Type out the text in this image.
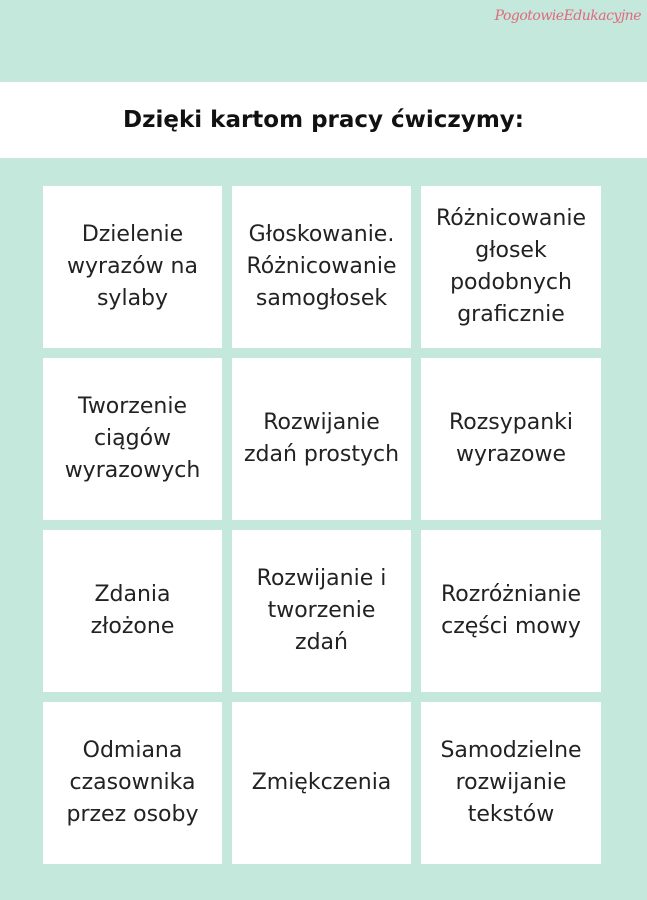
PogotowieEdukacyjne
Dzięki kartom pracy ćwiczymy:
Dzielenie wyrazów na sylaby
Głoskowanie. Różnicowanie samogłosek
Różnicowanie głosek podobnych graficznie
Tworzenie ciągów wyrazowych
Rozwijanie zdań prostych
Rozsypanki wyrazowe
Zdania złożone
Rozwijanie i tworzenie zdań
Rozróżnianie części mowy
Odmiana czasownika przez osoby
Zmiękczenia
Samodzielne rozwijanie tekstów
